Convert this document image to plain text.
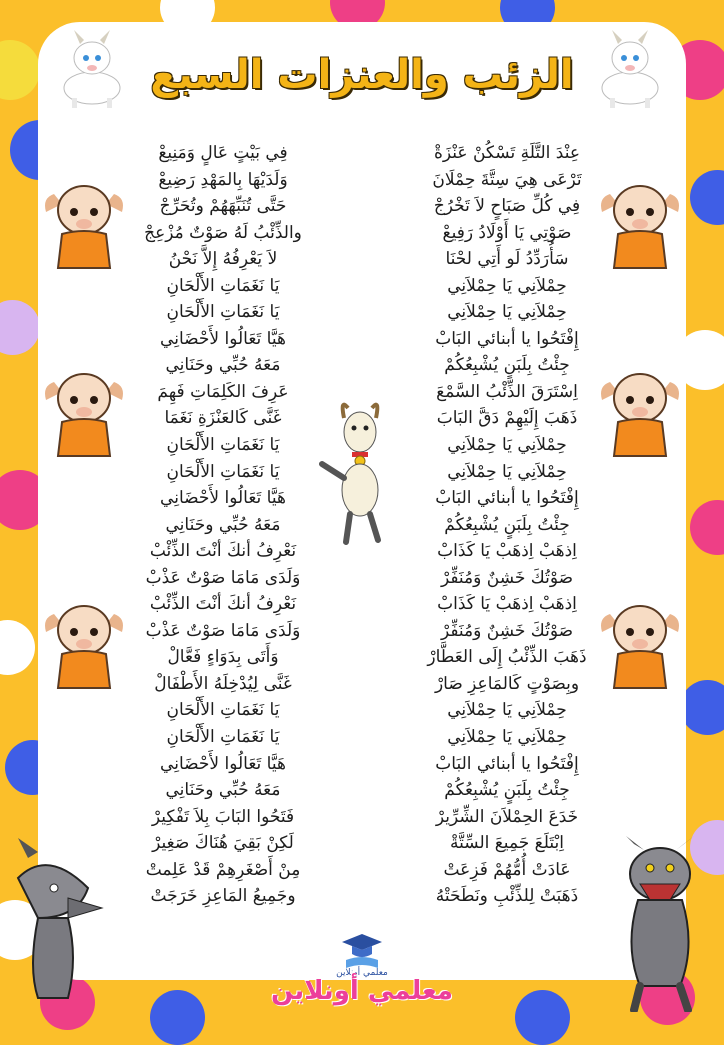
الزئب والعنزات السبع
عِنْدَ التَّلَةِ تَسْكُنْ عَنْزَةْ
تَرْعَى هِيَ سِتَّةَ حِمْلَانَ
فِي كُلِّ صَبَاحٍ لاَ تَخْرُجْ
صَوْتِي يَا أَوْلَادُ رَفِيعْ
سَأُرَدِّدُ لَو أَتِي لحْنَا
حِمْلاَنِي يَا حِمْلاَنِي
حِمْلاَنِي يَا حِمْلاَنِي
إِفْتَحُوا يا أبنائي البَابْ
جِئْتُ بِلَبَنٍ يُشْبِعُكُمْ
اِسْتَرَقَ الذِّئْبُ السَّمْعَ
ذَهَبَ إِلَيْهِمْ دَقَّ البَابَ
حِمْلاَنِي يَا حِمْلاَنِي
حِمْلاَنِي يَا حِمْلاَنِي
إِفْتَحُوا يا أبنائي البَابْ
جِئْتُ بِلَبَنٍ يُشْبِعُكُمْ
اِذهَبْ اِذهَبْ يَا كَذَابْ
صَوْتُكَ خَشِنٌ وَمُنَفِّرْ
اِذهَبْ اِذهَبْ يَا كَذَابْ
صَوْتُكَ خَشِنٌ وَمُنَفِّرْ
ذَهَبَ الذِّئْبُ إِلَى العَطَّارْ
وبِصَوْتٍ كَالمَاعِزِ صَارْ
حِمْلاَنِي يَا حِمْلاَنِي
حِمْلاَنِي يَا حِمْلاَنِي
إِفْتَحُوا يا أبنائي البَابْ
جِئْتُ بِلَبَنٍ يُشْبِعُكُمْ
خَدَعَ الحِمْلاَنَ الشِّرِّيرْ
اِبْتَلَعَ جَمِيعَ السِّتَّةْ
عَادَتْ أُمُّهُمْ فَزِعَتْ
ذَهَبَتْ لِلذِّئْبِ ونَطَحَتْهُ
فِي بَيْتٍ عَالٍ وَمَنِيعْ
وَلَدَيْهَا بِالمَهْدِ رَضِيعْ
حَتَّى تُنَبِّهَهُمْ وتُحَرِّجْ
والذِّئْبُ لَهُ صَوْتٌ مُزْعِجْ
لاَ يَعْرِفُهُ إِلاَّ نَحْنُ
يَا نَغَمَاتِ الأَلْحَانِ
يَا نَغَمَاتِ الأَلْحَانِ
هَيَّا تَعَالُوا لأَحْضَانِي
مَعَهُ حُبِّي وحَنَانِي
عَرِفَ الكَلِمَاتِ فَهِمَ
غَنَّى كَالعَنْزَةِ نَغَمَا
يَا نَغَمَاتِ الأَلْحَانِ
يَا نَغَمَاتِ الأَلْحَانِ
هَيَّا تَعَالُوا لأَحْضَانِي
مَعَهُ حُبِّي وحَنَانِي
نَعْرِفُ أنكَ أنْتَ الذِّئْبْ
وَلَدَى مَامَا صَوْتٌ عَذْبْ
نَعْرِفُ أنكَ أنْتَ الذِّئْبْ
وَلَدَى مَامَا صَوْتٌ عَذْبْ
وَأَتَى بِدَوَاءٍ فَعَّالْ
غَنَّى لِيُدْخِلَهُ الأَطْفَالْ
يَا نَغَمَاتِ الأَلْحَانِ
يَا نَغَمَاتِ الأَلْحَانِ
هَيَّا تَعَالُوا لأَحْضَانِي
مَعَهُ حُبِّي وحَنَانِي
فَتَحُوا البَابَ بِلاَ تَفْكِيرْ
لَكِنْ بَقِيَ هُنَاكَ صَغِيرْ
مِنْ أَصْغَرِهِمْ قَدْ عَلِمتْ
وجَمِيعُ المَاعِزِ خَرَجَتْ
معلمي أونلاين
معلمي أونلاين
